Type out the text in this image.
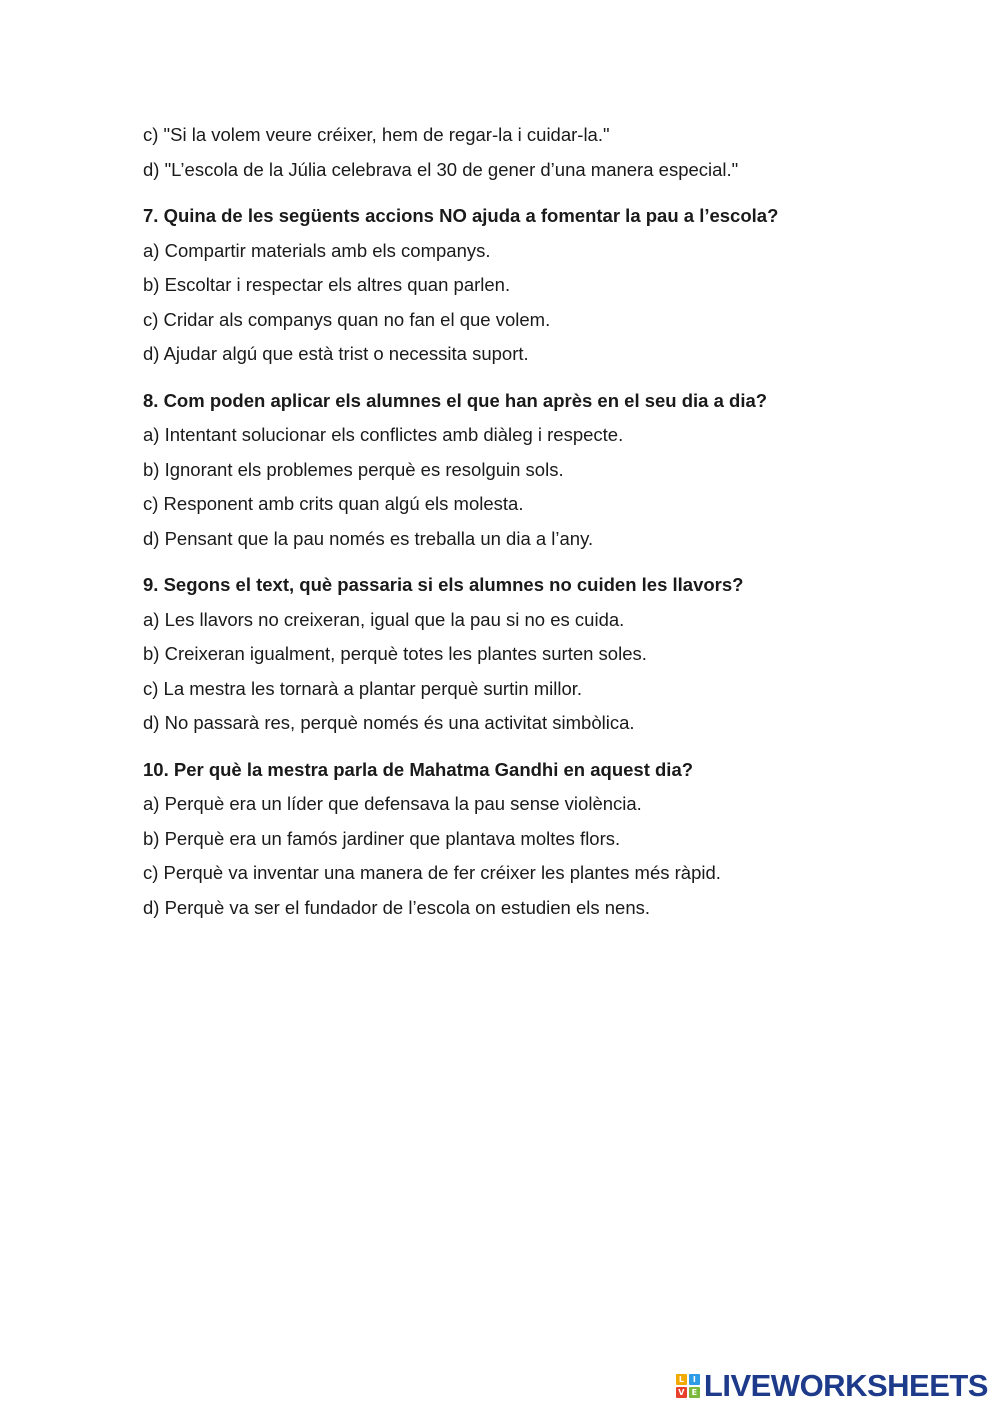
c) "Si la volem veure créixer, hem de regar-la i cuidar-la."
d) "L’escola de la Júlia celebrava el 30 de gener d’una manera especial."
7. Quina de les següents accions NO ajuda a fomentar la pau a l’escola?
a) Compartir materials amb els companys.
b) Escoltar i respectar els altres quan parlen.
c) Cridar als companys quan no fan el que volem.
d) Ajudar algú que està trist o necessita suport.
8. Com poden aplicar els alumnes el que han après en el seu dia a dia?
a) Intentant solucionar els conflictes amb diàleg i respecte.
b) Ignorant els problemes perquè es resolguin sols.
c) Responent amb crits quan algú els molesta.
d) Pensant que la pau només es treballa un dia a l’any.
9. Segons el text, què passaria si els alumnes no cuiden les llavors?
a) Les llavors no creixeran, igual que la pau si no es cuida.
b) Creixeran igualment, perquè totes les plantes surten soles.
c) La mestra les tornarà a plantar perquè surtin millor.
d) No passarà res, perquè només és una activitat simbòlica.
10. Per què la mestra parla de Mahatma Gandhi en aquest dia?
a) Perquè era un líder que defensava la pau sense violència.
b) Perquè era un famós jardiner que plantava moltes flors.
c) Perquè va inventar una manera de fer créixer les plantes més ràpid.
d) Perquè va ser el fundador de l’escola on estudien els nens.
L	I
V E LIVEWORKSHEETS
